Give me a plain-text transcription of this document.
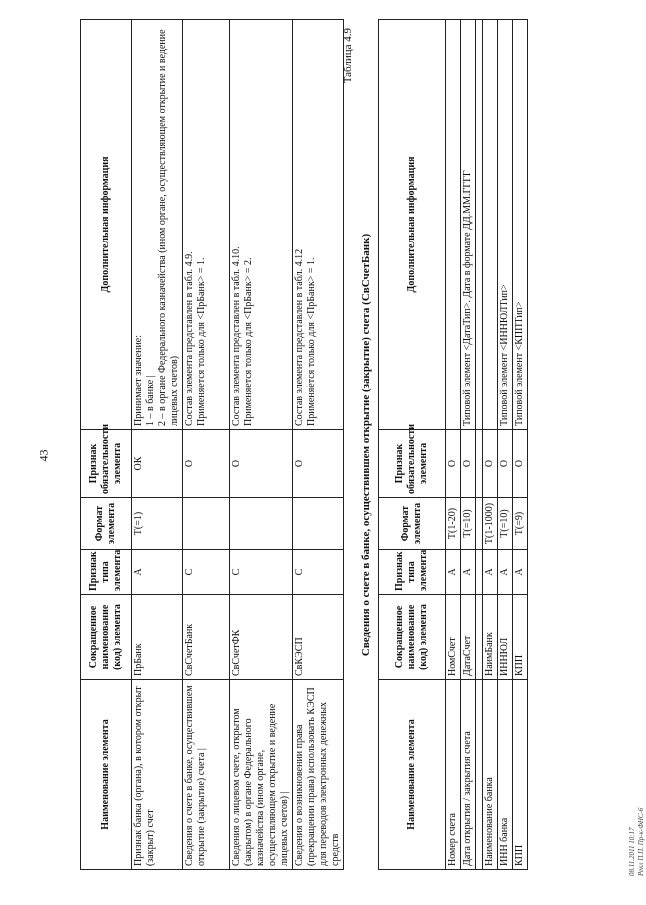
43
Наименование элемента	Сокращенное наименование (код) элемента	Признак типа элемента	Формат элемента	Признак обязательности элемента	Дополнительная информация
Признак банка (органа), в котором открыт (закрыт) счет	ПрБанк	А	Т(=1)	ОК	Принимает значение: 1 – в банке | 2 – в органе Федерального казначейства (ином органе, осуществляющем открытие и ведение лицевых счетов)

Сведения о счете в банке, осуществившем открытие (закрытие) счета |	СвСчетБанк	С		О	Состав элемента представлен в табл. 4.9. Применяется только для <ПрБанк> = 1.

Сведения о лицевом счете, открытом (закрытом) в органе Федерального казначейства (ином органе, осуществляющем открытие и ведение лицевых счетов) |	СвСчетФК	С		О	Состав элемента представлен в табл. 4.10. Применяется только для <ПрБанк> = 2.

Сведения о возникновении права (прекращении права) использовать КЭСП для переводов электронных денежных средств	СвКЭСП	С		О	Состав элемента представлен в табл. 4.12 Применяется только для <ПрБанк> = 1.
Таблица 4.9
Сведения о счете в банке, осуществившем открытие (закрытие) счета (СвСчетБанк)
Наименование элемента	Сокращенное наименование (код) элемента	Признак типа элемента	Формат элемента	Признак обязательности элемента	Дополнительная информация
Номер счета	НомСчет	А	Т(1-20)	О	
Дата открытия / закрытия счета	ДатаСчет	А	Т(=10)	О	Типовой элемент <ДатаТип>. Дата в формате ДД.ММ.ГГГГ

Наименование банка	НаимБанк	А	Т(1-1000)	О	
ИНН банка	ИННЮЛ	А	Т(=10)	О	Типовой элемент <ИННЮЛТип>
КПП	КПП	А	Т(=9)	О	Типовой элемент <КППТип>
08.11.2011 10:17 Рекл П.П. Пр-к-ФНС-6
